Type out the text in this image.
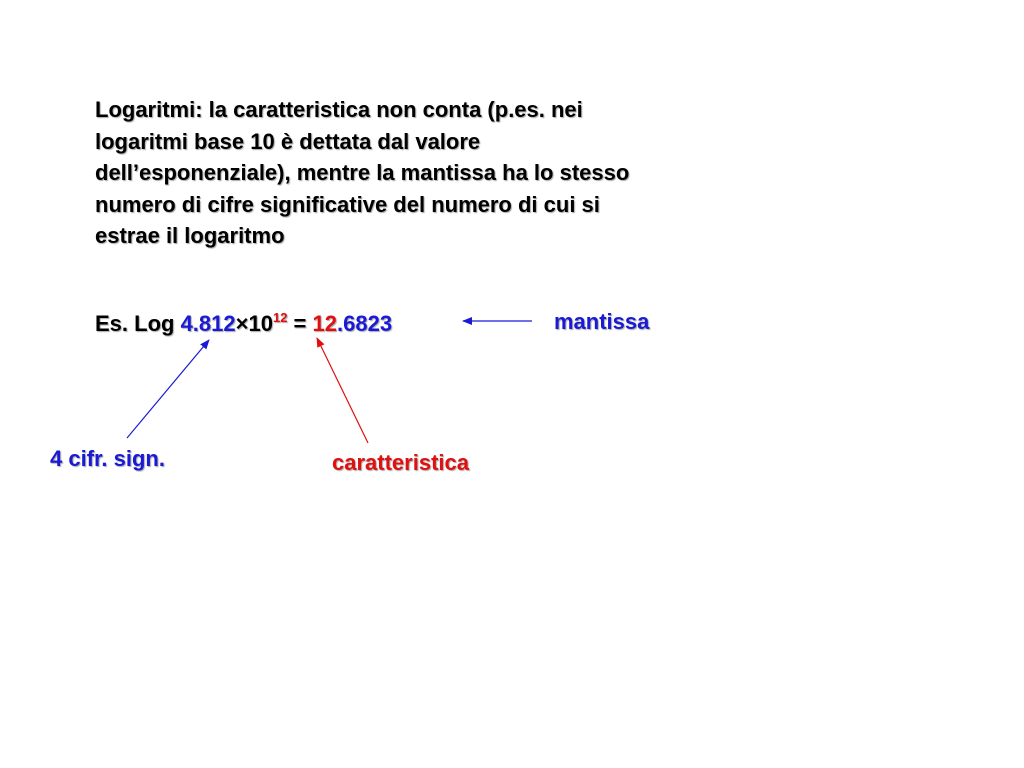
Logaritmi: la caratteristica non conta (p.es. nei
logaritmi base 10 è dettata dal valore
dell’esponenziale), mentre la mantissa ha lo stesso
numero di cifre significative del numero di cui si
estrae il logaritmo
Es. Log $4.812\times 10^{12} = 12.6823$	mantissa
4 cifr. sign.	caratteristica
